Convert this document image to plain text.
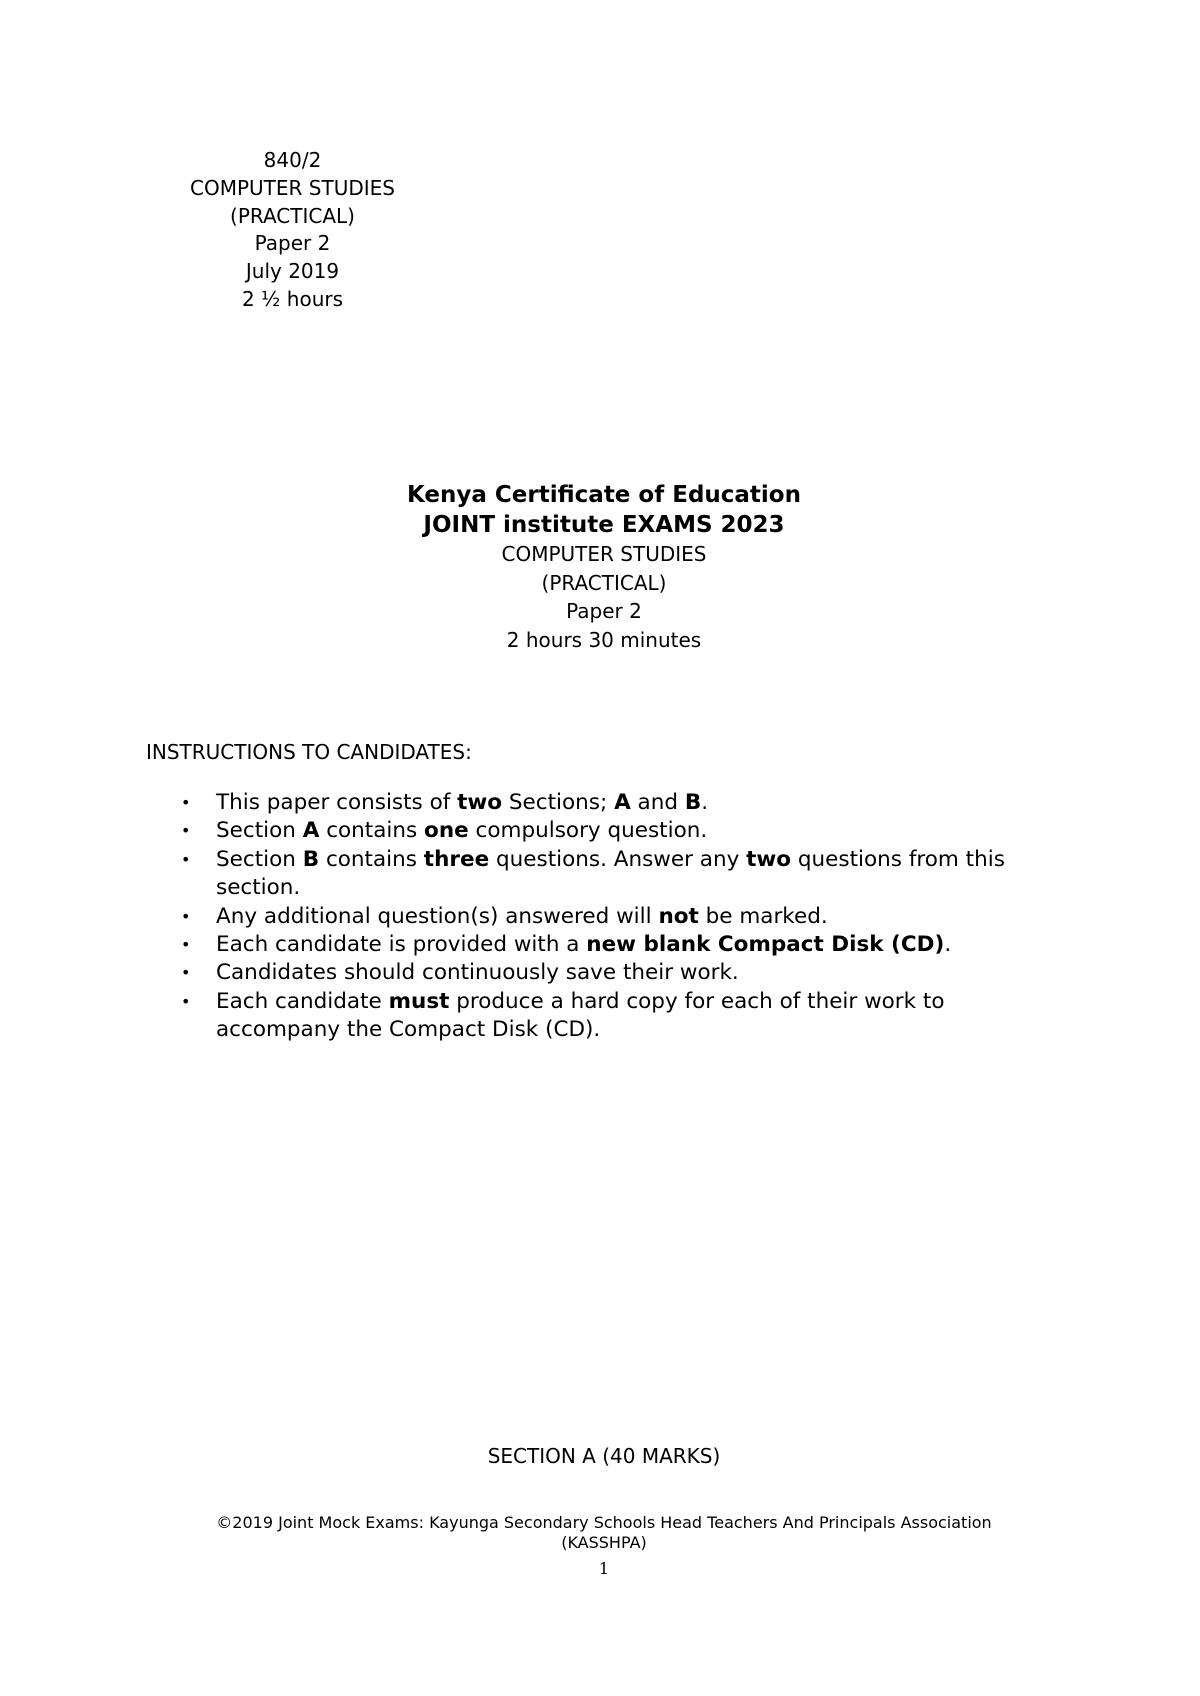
840/2
COMPUTER STUDIES
(PRACTICAL)
Paper 2
July 2019
2 ½ hours
Kenya Certificate of Education
JOINT institute EXAMS 2023
COMPUTER STUDIES
(PRACTICAL)
Paper 2
2 hours 30 minutes
INSTRUCTIONS TO CANDIDATES:
• This paper consists of two Sections; A and B.
• Section A contains one compulsory question.
• Section B contains three questions. Answer any two questions from this section.
• Any additional question(s) answered will not be marked.
• Each candidate is provided with a new blank Compact Disk (CD).
• Candidates should continuously save their work.
• Each candidate must produce a hard copy for each of their work to accompany the Compact Disk (CD).
SECTION A (40 MARKS)
©2019 Joint Mock Exams: Kayunga Secondary Schools Head Teachers And Principals Association
(KASSHPA)
1
